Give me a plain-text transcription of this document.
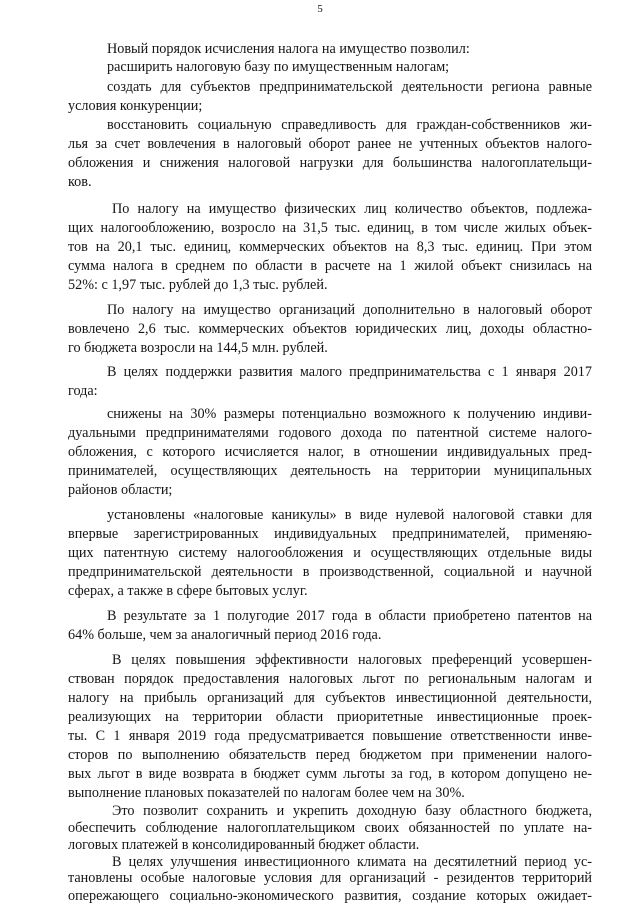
5
Новый порядок исчисления налога на имущество позволил:
расширить налоговую базу по имущественным налогам;
создать для субъектов предпринимательской деятельности региона равные
условия конкуренции;
восстановить социальную справедливость для граждан-собственников жи-
лья за счет вовлечения в налоговый оборот ранее не учтенных объектов налого-
обложения и снижения налоговой нагрузки для большинства налогоплательщи-
ков.
По налогу на имущество физических лиц количество объектов, подлежа-
щих налогообложению, возросло на 31,5 тыс. единиц, в том числе жилых объек-
тов на 20,1 тыс. единиц, коммерческих объектов на 8,3 тыс. единиц. При этом
сумма налога в среднем по области в расчете на 1 жилой объект снизилась на
52%: с 1,97 тыс. рублей до 1,3 тыс. рублей.
По налогу на имущество организаций дополнительно в налоговый оборот
вовлечено 2,6 тыс. коммерческих объектов юридических лиц, доходы областно-
го бюджета возросли на 144,5 млн. рублей.
В целях поддержки развития малого предпринимательства с 1 января 2017
года:
снижены на 30% размеры потенциально возможного к получению индиви-
дуальными предпринимателями годового дохода по патентной системе налого-
обложения, с которого исчисляется налог, в отношении индивидуальных пред-
принимателей, осуществляющих деятельность на территории муниципальных
районов области;
установлены «налоговые каникулы» в виде нулевой налоговой ставки для
впервые зарегистрированных индивидуальных предпринимателей, применяю-
щих патентную систему налогообложения и осуществляющих отдельные виды
предпринимательской деятельности в производственной, социальной и научной
сферах, а также в сфере бытовых услуг.
В результате за 1 полугодие 2017 года в области приобретено патентов на
64% больше, чем за аналогичный период 2016 года.
В целях повышения эффективности налоговых преференций усовершен-
ствован порядок предоставления налоговых льгот по региональным налогам и
налогу на прибыль организаций для субъектов инвестиционной деятельности,
реализующих на территории области приоритетные инвестиционные проек-
ты. С 1 января 2019 года предусматривается повышение ответственности инве-
сторов по выполнению обязательств перед бюджетом при применении налого-
вых льгот в виде возврата в бюджет сумм льготы за год, в котором допущено не-
выполнение плановых показателей по налогам более чем на 30%.
Это позволит сохранить и укрепить доходную базу областного бюджета,
обеспечить соблюдение налогоплательщиком своих обязанностей по уплате на-
логовых платежей в консолидированный бюджет области.
В целях улучшения инвестиционного климата на десятилетний период ус-
тановлены особые налоговые условия для организаций - резидентов территорий
опережающего социально-экономического развития, создание которых ожидает-
